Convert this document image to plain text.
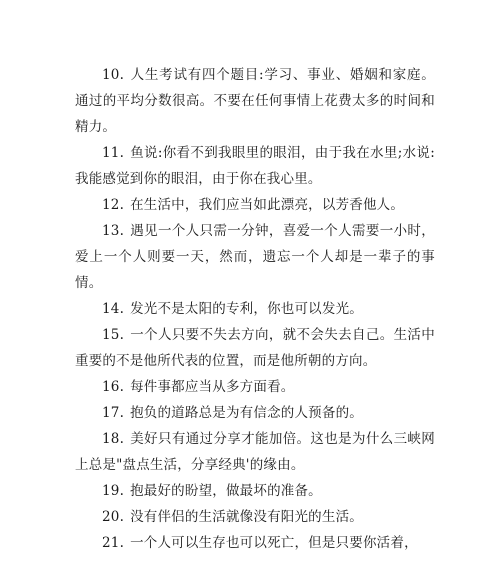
10. 人生考试有四个题目:学习、事业、婚姻和家庭。通过的平均分数很高。不要在任何事情上花费太多的时间和精力。

11. 鱼说:你看不到我眼里的眼泪，由于我在水里;水说:我能感觉到你的眼泪，由于你在我心里。

12. 在生活中，我们应当如此漂亮，以芳香他人。

13. 遇见一个人只需一分钟，喜爱一个人需要一小时，爱上一个人则要一天，然而，遗忘一个人却是一辈子的事情。

14. 发光不是太阳的专利，你也可以发光。

15. 一个人只要不失去方向，就不会失去自己。生活中重要的不是他所代表的位置，而是他所朝的方向。

16. 每件事都应当从多方面看。

17. 抱负的道路总是为有信念的人预备的。

18. 美好只有通过分享才能加倍。这也是为什么三峡网上总是"盘点生活，分享经典'的缘由。

19. 抱最好的盼望，做最坏的准备。

20. 没有伴侣的生活就像没有阳光的生活。

21. 一个人可以生存也可以死亡，但是只要你活着，
